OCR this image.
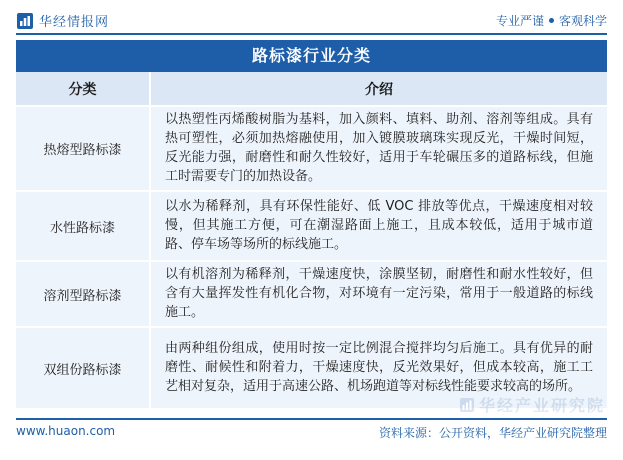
华经情报网	专业严谨 客观科学
路标漆行业分类
分类	介绍
热熔型路标漆	以热塑性丙烯酸树脂为基料，加入颜料、填料、助剂、溶剂等组成。具有热可塑性，必须加热熔融使用，加入镀膜玻璃珠实现反光，干燥时间短，反光能力强，耐磨性和耐久性较好，适用于车轮碾压多的道路标线，但施工时需要专门的加热设备。
水性路标漆	以水为稀释剂，具有环保性能好、低 VOC 排放等优点，干燥速度相对较慢，但其施工方便，可在潮湿路面上施工，且成本较低，适用于城市道路、停车场等场所的标线施工。
溶剂型路标漆	以有机溶剂为稀释剂，干燥速度快，涂膜坚韧，耐磨性和耐水性较好，但含有大量挥发性有机化合物，对环境有一定污染，常用于一般道路的标线施工。
双组份路标漆	由两种组份组成，使用时按一定比例混合搅拌均匀后施工。具有优异的耐磨性、耐候性和附着力，干燥速度快，反光效果好，但成本较高，施工工艺相对复杂，适用于高速公路、机场跑道等对标线性能要求较高的场所。
华经产业研究院
www.huaon.com	资料来源：公开资料，华经产业研究院整理
